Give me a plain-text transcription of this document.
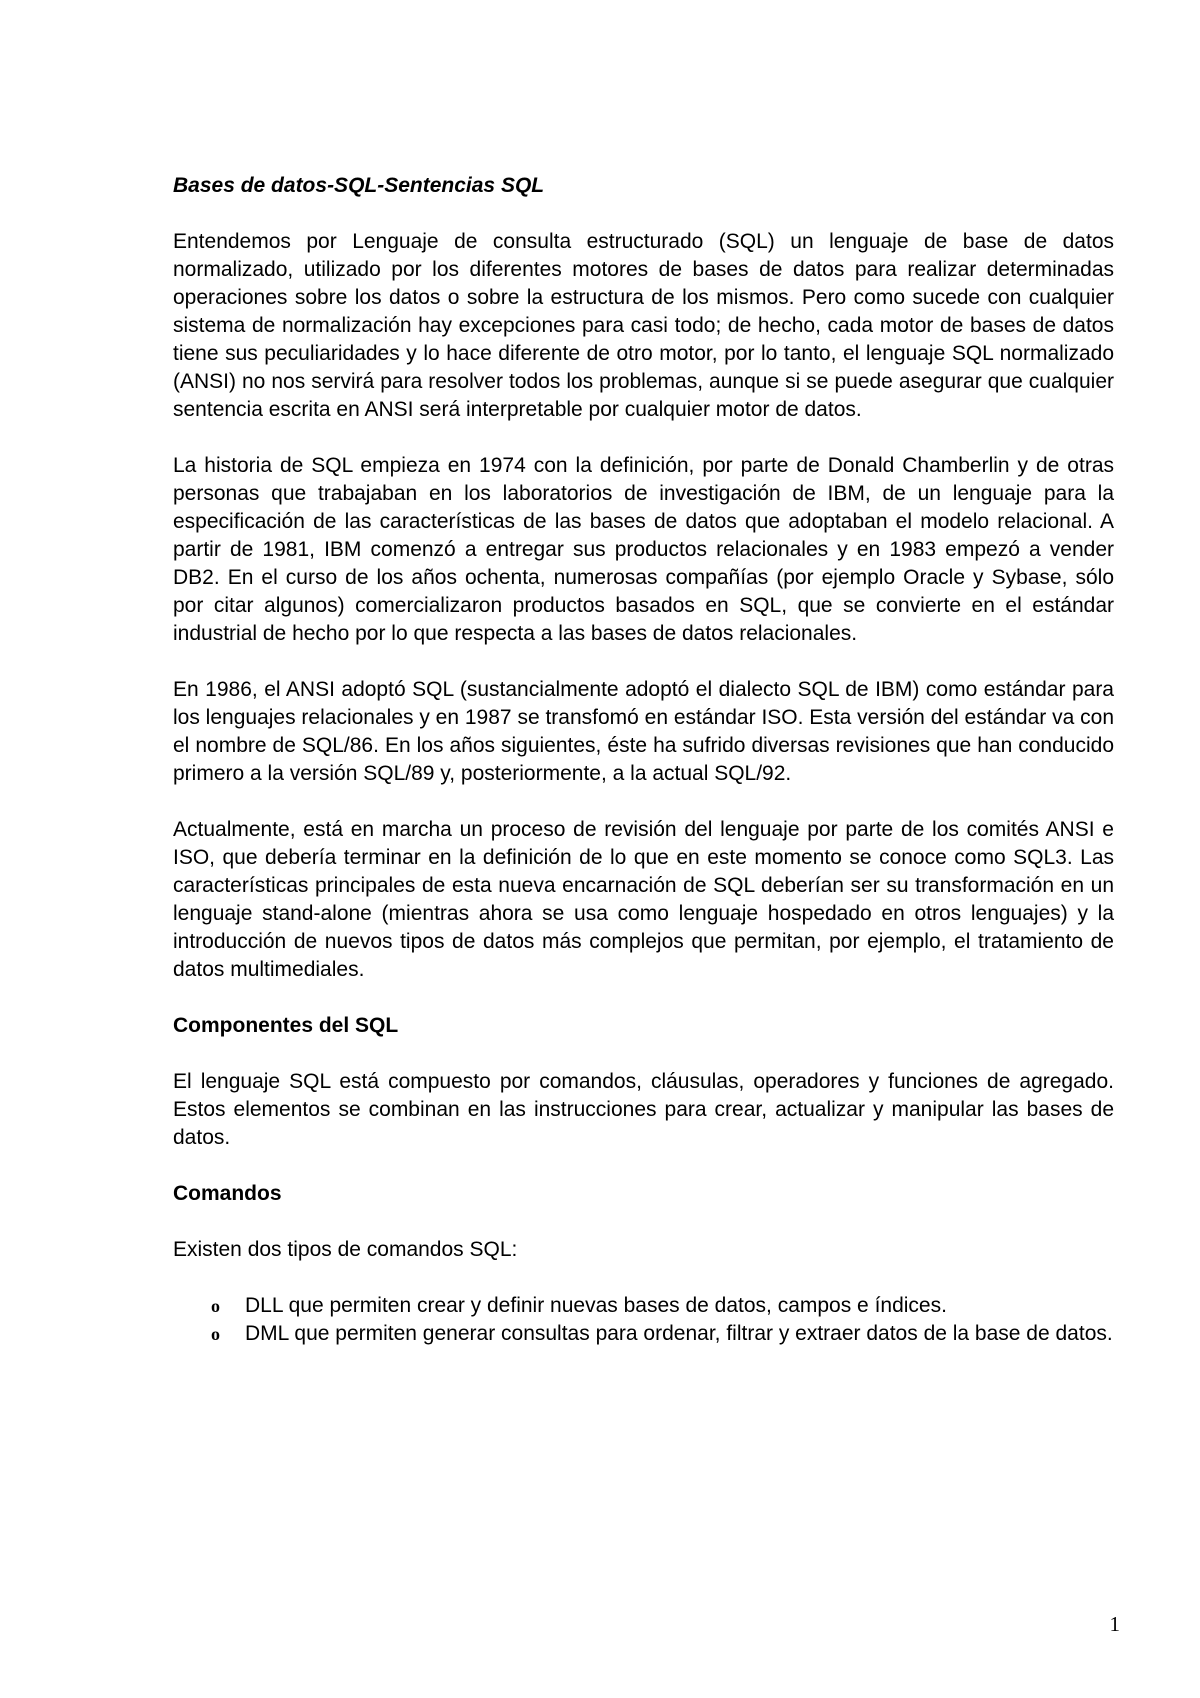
Bases de datos-SQL-Sentencias SQL

Entendemos por Lenguaje de consulta estructurado (SQL) un lenguaje de base de datos normalizado, utilizado por los diferentes motores de bases de datos para realizar determinadas operaciones sobre los datos o sobre la estructura de los mismos. Pero como sucede con cualquier sistema de normalización hay excepciones para casi todo; de hecho, cada motor de bases de datos tiene sus peculiaridades y lo hace diferente de otro motor, por lo tanto, el lenguaje SQL normalizado (ANSI) no nos servirá para resolver todos los problemas, aunque si se puede asegurar que cualquier sentencia escrita en ANSI será interpretable por cualquier motor de datos.

La historia de SQL empieza en 1974 con la definición, por parte de Donald Chamberlin y de otras personas que trabajaban en los laboratorios de investigación de IBM, de un lenguaje para la especificación de las características de las bases de datos que adoptaban el modelo relacional. A partir de 1981, IBM comenzó a entregar sus productos relacionales y en 1983 empezó a vender DB2. En el curso de los años ochenta, numerosas compañías (por ejemplo Oracle y Sybase, sólo por citar algunos) comercializaron productos basados en SQL, que se convierte en el estándar industrial de hecho por lo que respecta a las bases de datos relacionales.

En 1986, el ANSI adoptó SQL (sustancialmente adoptó el dialecto SQL de IBM) como estándar para los lenguajes relacionales y en 1987 se transfomó en estándar ISO. Esta versión del estándar va con el nombre de SQL/86. En los años siguientes, éste ha sufrido diversas revisiones que han conducido primero a la versión SQL/89 y, posteriormente, a la actual SQL/92.

Actualmente, está en marcha un proceso de revisión del lenguaje por parte de los comités ANSI e ISO, que debería terminar en la definición de lo que en este momento se conoce como SQL3. Las características principales de esta nueva encarnación de SQL deberían ser su transformación en un lenguaje stand-alone (mientras ahora se usa como lenguaje hospedado en otros lenguajes) y la introducción de nuevos tipos de datos más complejos que permitan, por ejemplo, el tratamiento de datos multimediales.

Componentes del SQL

El lenguaje SQL está compuesto por comandos, cláusulas, operadores y funciones de agregado. Estos elementos se combinan en las instrucciones para crear, actualizar y manipular las bases de datos.

Comandos

Existen dos tipos de comandos SQL:

o DLL que permiten crear y definir nuevas bases de datos, campos e índices.
o DML que permiten generar consultas para ordenar, filtrar y extraer datos de la base de datos.
1
